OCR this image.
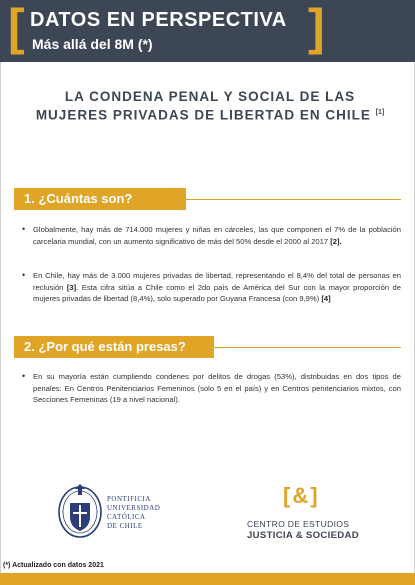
[ DATOS EN PERSPECTIVA
Más allá del 8M (*)	]
LA CONDENA PENAL Y SOCIAL DE LAS
MUJERES PRIVADAS DE LIBERTAD EN CHILE [1]
1. ¿Cuántas son?
• Globalmente, hay más de 714.000 mujeres y niñas en cárceles, las que componen el 7% de la población carcelaria mundial, con un aumento significativo de más del 50% desde el 2000 al 2017 [2].
• En Chile, hay más de 3.000 mujeres privadas de libertad, representando el 8,4% del total de personas en reclusión [3]. Esta cifra sitúa a Chile como el 2do país de América del Sur con la mayor proporción de mujeres privadas de libertad (8,4%), solo superado por Guyana Francesa (con 9,9%) [4]
2. ¿Por qué están presas?
• En su mayoría están cumpliendo condenes por delitos de drogas (53%), distribuidas en dos tipos de penales: En Centros Penitenciarios Femeninos (solo 5 en el país) y en Centros penitenciarios mixtos, con Secciones Femeninas (19 a nivel nacional).
PONTIFICIA
UNIVERSIDAD
CATÓLICA
DE CHILE
[&]
CENTRO DE ESTUDIOS
JUSTICIA & SOCIEDAD
(*) Actualizado con datos 2021
